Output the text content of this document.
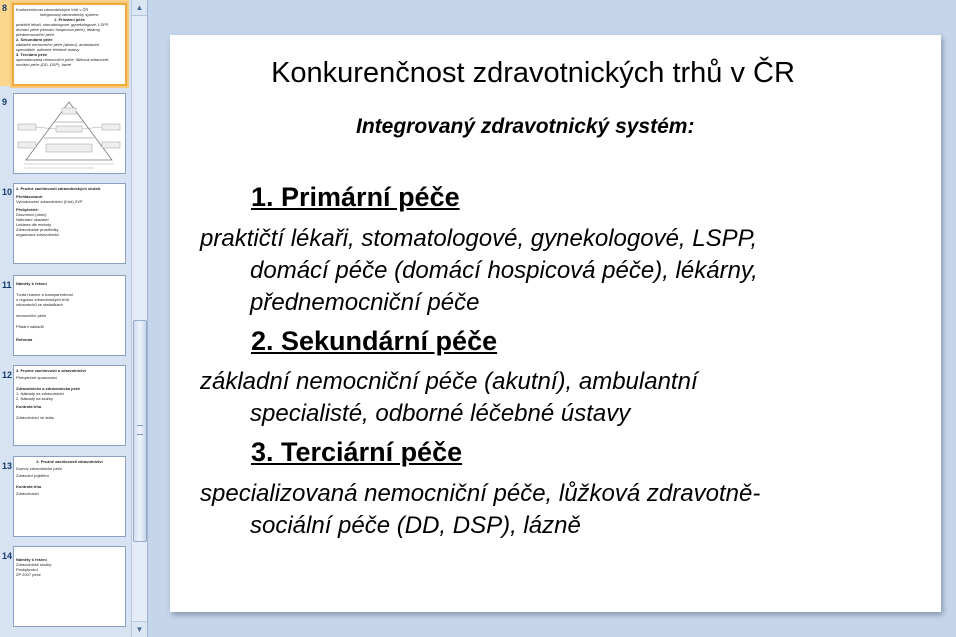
8 Konkurenčnost zdravotnických trhů v ČR
Integrovaný zdravotnický systém:
1. Primární péče
praktičtí lékaři, stomatologové, gynekologové, LSPP,
domácí péče (domácí hospicová péče), lékárny,
přednemocniční péče
2. Sekundární péče
základní nemocniční péče (akutní), ambulantní
specialisté, odborné léčebné ústavy
3. Terciární péče
specializovaná nemocniční péče, lůžková zdravotně-
sociální péče (DD, DSP), lázně
9
10 2. Pružné zachlovosti zdravotnických služeb
Přehlasované:
Vyhodnocení zdravotnictví (Kód) ZVP
Přebytečné:
Dravotníci (obec)
Náhradní ukazatel
Lékárna dle metody
Zdravotnické prostředky
organizace zdravotnictví
11 Náměty k řešení
Tvrdá hranice a transparentnost
o regulaci zdravotnických trhů
zdravotníků ve statistikách
nemocniční péče
Přidání nákladů
Reforma
12 3. Pružné zachlovosti a zdravotnictví
Přebytečné zpracování
Zdravotnictví a zdravotnická péče
1. Náklady na zdravotnictví
2. Náklady na služby
Kontrola trhu
Zdravotnictví ve státu
13	2. Pružné zachlovosti zdravotnictví
Domov zdravotnické péče
Zdravotní pojištění
Kontrola trhu
Zdravotnictví
14 Náměty k řešení
Zdravotnické služby
Poskytování
ZP 2007 péče
▲
▼
Konkurenčnost zdravotnických trhů v ČR
Integrovaný zdravotnický systém:
1. Primární péče
praktičtí lékaři, stomatologové, gynekologové, LSPP,
domácí péče (domácí hospicová péče), lékárny,
přednemocniční péče
2. Sekundární péče
základní nemocniční péče (akutní), ambulantní
specialisté, odborné léčebné ústavy
3. Terciární péče
specializovaná nemocniční péče, lůžková zdravotně-
sociální péče (DD, DSP), lázně
